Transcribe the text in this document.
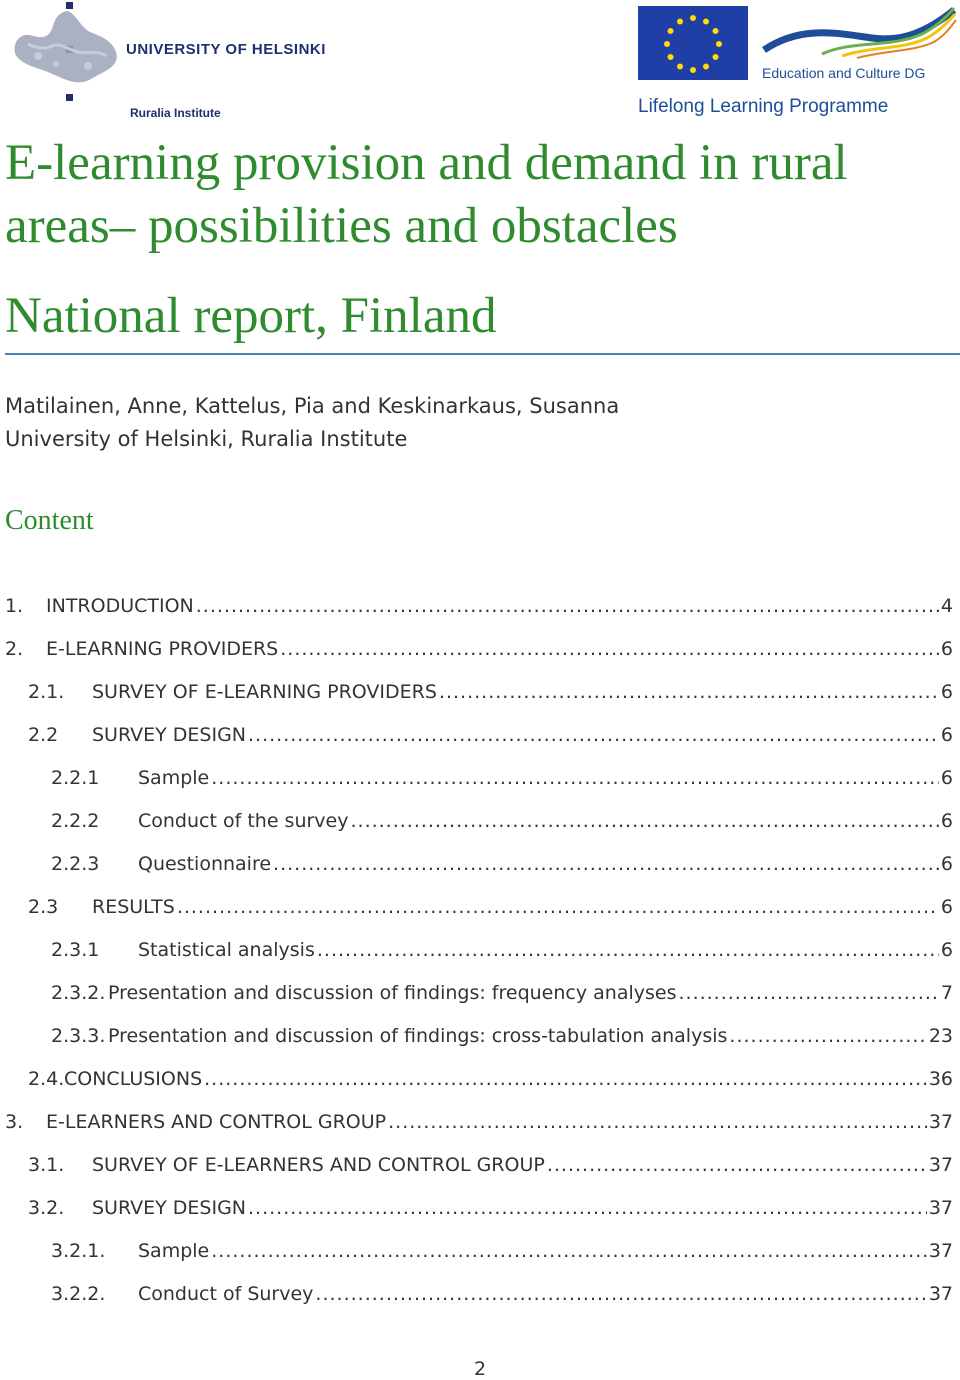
UNIVERSITY OF HELSINKI
Ruralia Institute
Education and Culture DG
Lifelong Learning Programme
E-learning provision and demand in rural areas– possibilities and obstacles
National report, Finland
Matilainen, Anne, Kattelus, Pia and Keskinarkaus, Susanna
University of Helsinki, Ruralia Institute
Content
1.	INTRODUCTION .....	4
2.	E-LEARNING PROVIDERS .....	6
2.1.	SURVEY OF E-LEARNING PROVIDERS .....	6
2.2	SURVEY DESIGN .....	6
2.2.1	Sample .....	6
2.2.2	Conduct of the survey .....	6
2.2.3	Questionnaire .....	6
2.3	RESULTS .....	6
2.3.1	Statistical analysis .....	6
2.3.2. Presentation and discussion of findings: frequency analyses .....	7
2.3.3. Presentation and discussion of findings: cross-tabulation analysis .....	23
2.4. CONCLUSIONS .....	36
3.	E-LEARNERS AND CONTROL GROUP .....	37
3.1.	SURVEY OF E-LEARNERS AND CONTROL GROUP .....	37
3.2.	SURVEY DESIGN .....	37
3.2.1.	Sample .....	37
3.2.2.	Conduct of Survey .....	37
2
